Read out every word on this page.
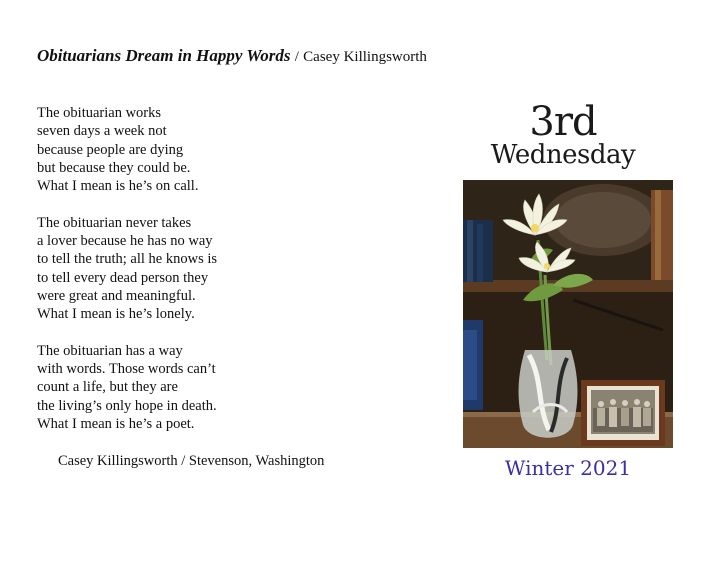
Obituarians Dream in Happy Words / Casey Killingsworth
The obituarian works
seven days a week not
because people are dying
but because they could be.
What I mean is he’s on call.
The obituarian never takes
a lover because he has no way
to tell the truth; all he knows is
to tell every dead person they
were great and meaningful.
What I mean is he’s lonely.
The obituarian has a way
with words. Those words can’t
count a life, but they are
the living’s only hope in death.
What I mean is he’s a poet.
Casey Killingsworth / Stevenson, Washington
3rd
Wednesday
Winter 2021
